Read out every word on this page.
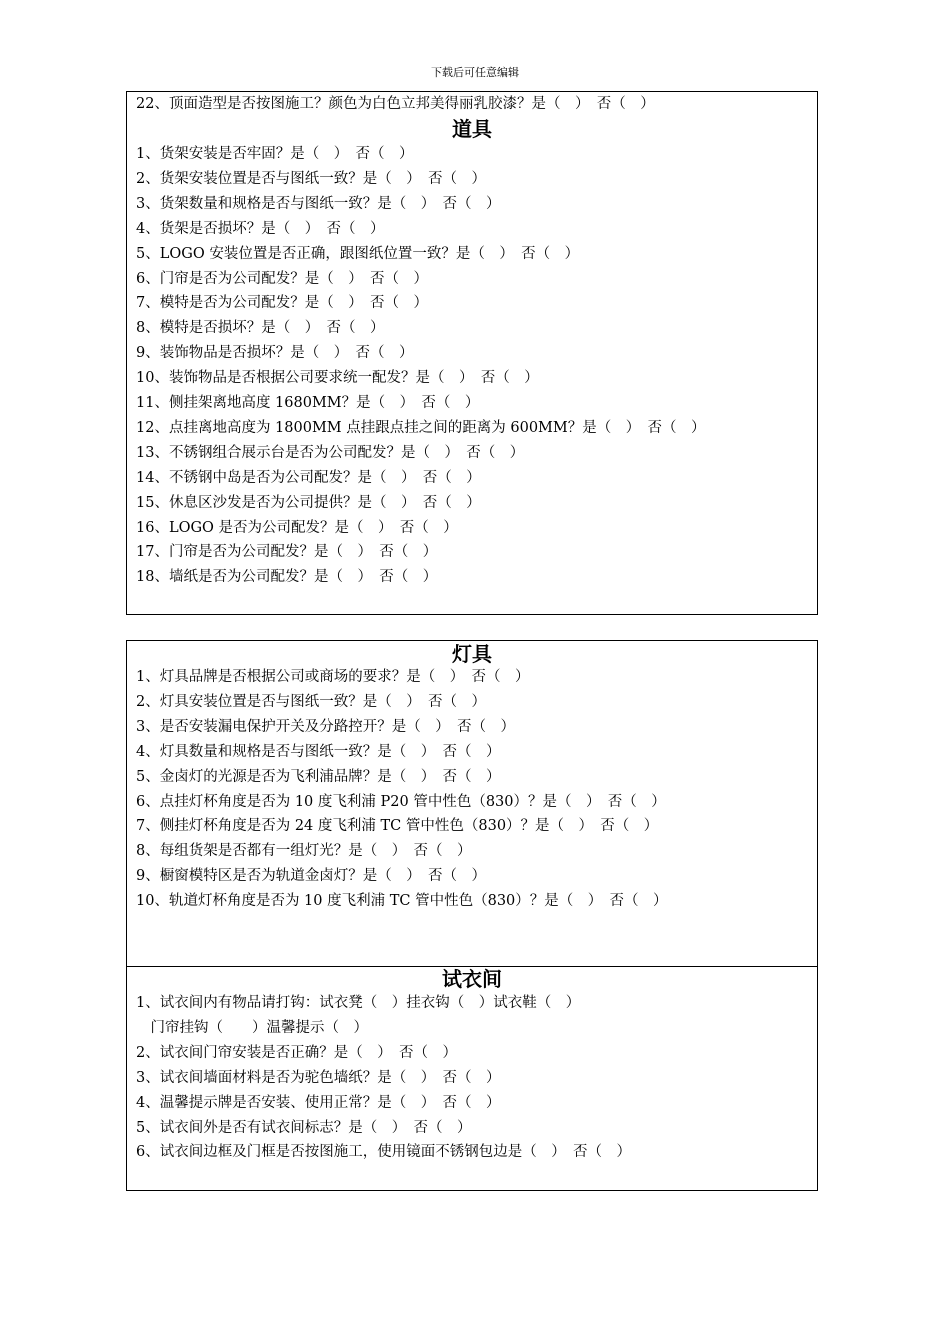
下载后可任意编辑
22、顶面造型是否按图施工？颜色为白色立邦美得丽乳胶漆？是（　）　否（　）
道具
1、货架安装是否牢固？是（　）　否（　）
2、货架安装位置是否与图纸一致？是（　）　否（　）
3、货架数量和规格是否与图纸一致？是（　）　否（　）
4、货架是否损坏？是（　）　否（　）
5、LOGO 安装位置是否正确，跟图纸位置一致？是（　）　否（　）
6、门帘是否为公司配发？是（　）　否（　）
7、模特是否为公司配发？是（　）　否（　）
8、模特是否损坏？是（　）　否（　）
9、装饰物品是否损坏？是（　）　否（　）
10、装饰物品是否根据公司要求统一配发？是（　）　否（　）
11、侧挂架离地高度 1680MM？是（　）　否（　）
12、点挂离地高度为 1800MM 点挂跟点挂之间的距离为 600MM？是（　）　否（　）
13、不锈钢组合展示台是否为公司配发？是（　）　否（　）
14、不锈钢中岛是否为公司配发？是（　）　否（　）
15、休息区沙发是否为公司提供？是（　）　否（　）
16、LOGO 是否为公司配发？是（　）　否（　）
17、门帘是否为公司配发？是（　）　否（　）
18、墙纸是否为公司配发？是（　）　否（　）
灯具
1、灯具品牌是否根据公司或商场的要求？是（　）　否（　）
2、灯具安装位置是否与图纸一致？是（　）　否（　）
3、是否安装漏电保护开关及分路控开？是（　）　否（　）
4、灯具数量和规格是否与图纸一致？是（　）　否（　）
5、金卤灯的光源是否为飞利浦品牌？是（　）　否（　）
6、点挂灯杯角度是否为 10 度飞利浦 P20 管中性色（830）？是（　）　否（　）
7、侧挂灯杯角度是否为 24 度飞利浦 TC 管中性色（830）？是（　）　否（　）
8、每组货架是否都有一组灯光？是（　）　否（　）
9、橱窗模特区是否为轨道金卤灯？是（　）　否（　）
10、轨道灯杯角度是否为 10 度飞利浦 TC 管中性色（830）？是（　）　否（　）
试衣间
1、试衣间内有物品请打钩：试衣凳（　）挂衣钩（　）试衣鞋（　）
　门帘挂钩（　　）温馨提示（　）
2、试衣间门帘安装是否正确？是（　）　否（　）
3、试衣间墙面材料是否为驼色墙纸？是（　）　否（　）
4、温馨提示牌是否安装、使用正常？是（　）　否（　）
5、试衣间外是否有试衣间标志？是（　）　否（　）
6、试衣间边框及门框是否按图施工，使用镜面不锈钢包边是（　）　否（　）
